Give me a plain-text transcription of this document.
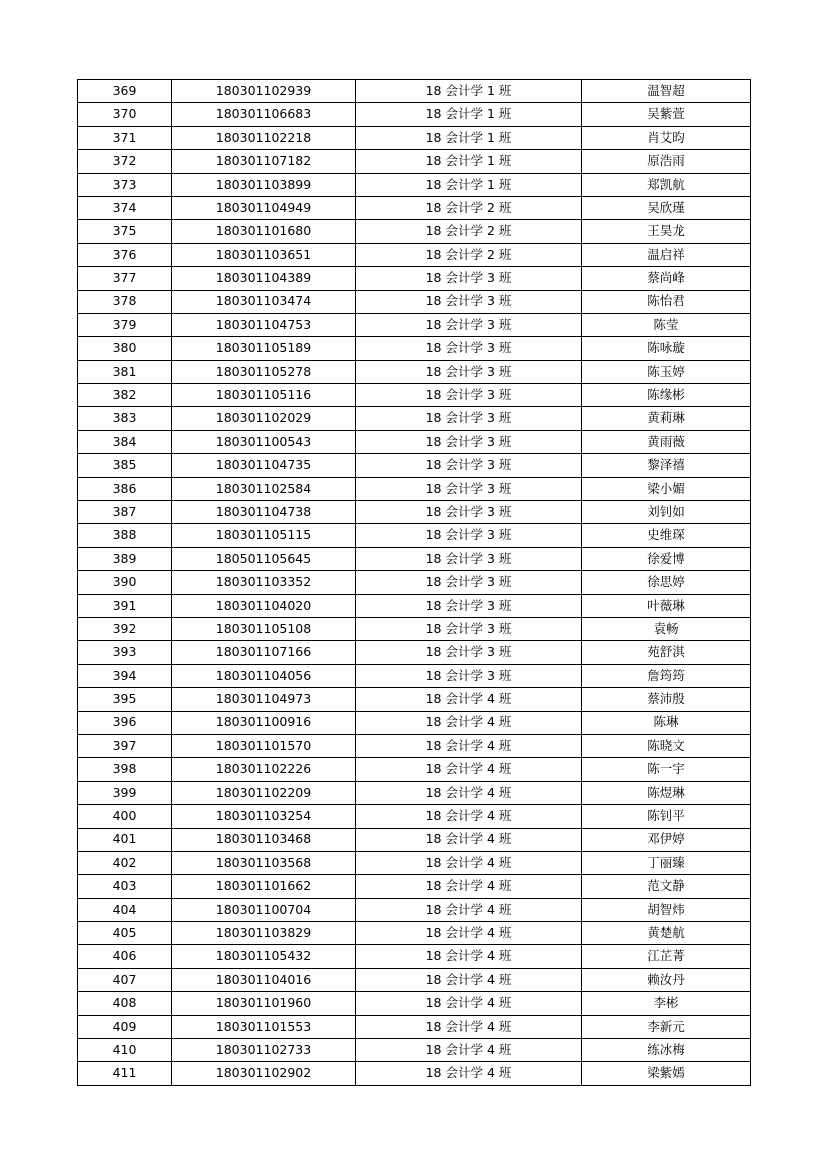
369	180301102939	18 会计学 1 班	温智超
370	180301106683	18 会计学 1 班	吴紫萱
371	180301102218	18 会计学 1 班	肖艾昀
372	180301107182	18 会计学 1 班	原浩雨
373	180301103899	18 会计学 1 班	郑凯航
374	180301104949	18 会计学 2 班	吴欣瑾
375	180301101680	18 会计学 2 班	王昊龙
376	180301103651	18 会计学 2 班	温启祥
377	180301104389	18 会计学 3 班	蔡尚峰
378	180301103474	18 会计学 3 班	陈怡君
379	180301104753	18 会计学 3 班	陈莹
380	180301105189	18 会计学 3 班	陈咏璇
381	180301105278	18 会计学 3 班	陈玉婷
382	180301105116	18 会计学 3 班	陈缘彬
383	180301102029	18 会计学 3 班	黄莉琳
384	180301100543	18 会计学 3 班	黄雨薇
385	180301104735	18 会计学 3 班	黎泽禧
386	180301102584	18 会计学 3 班	梁小媚
387	180301104738	18 会计学 3 班	刘钊如
388	180301105115	18 会计学 3 班	史维琛
389	180501105645	18 会计学 3 班	徐爱博
390	180301103352	18 会计学 3 班	徐思婷
391	180301104020	18 会计学 3 班	叶薇琳
392	180301105108	18 会计学 3 班	袁畅
393	180301107166	18 会计学 3 班	苑舒淇
394	180301104056	18 会计学 3 班	詹筠筠
395	180301104973	18 会计学 4 班	蔡沛殷
396	180301100916	18 会计学 4 班	陈琳
397	180301101570	18 会计学 4 班	陈晓文
398	180301102226	18 会计学 4 班	陈一宇
399	180301102209	18 会计学 4 班	陈煜琳
400	180301103254	18 会计学 4 班	陈钊平
401	180301103468	18 会计学 4 班	邓伊婷
402	180301103568	18 会计学 4 班	丁丽臻
403	180301101662	18 会计学 4 班	范文静
404	180301100704	18 会计学 4 班	胡智炜
405	180301103829	18 会计学 4 班	黄楚航
406	180301105432	18 会计学 4 班	江芷菁
407	180301104016	18 会计学 4 班	赖汝丹
408	180301101960	18 会计学 4 班	李彬
409	180301101553	18 会计学 4 班	李新元
410	180301102733	18 会计学 4 班	练冰梅
411	180301102902	18 会计学 4 班	梁紫嫣
